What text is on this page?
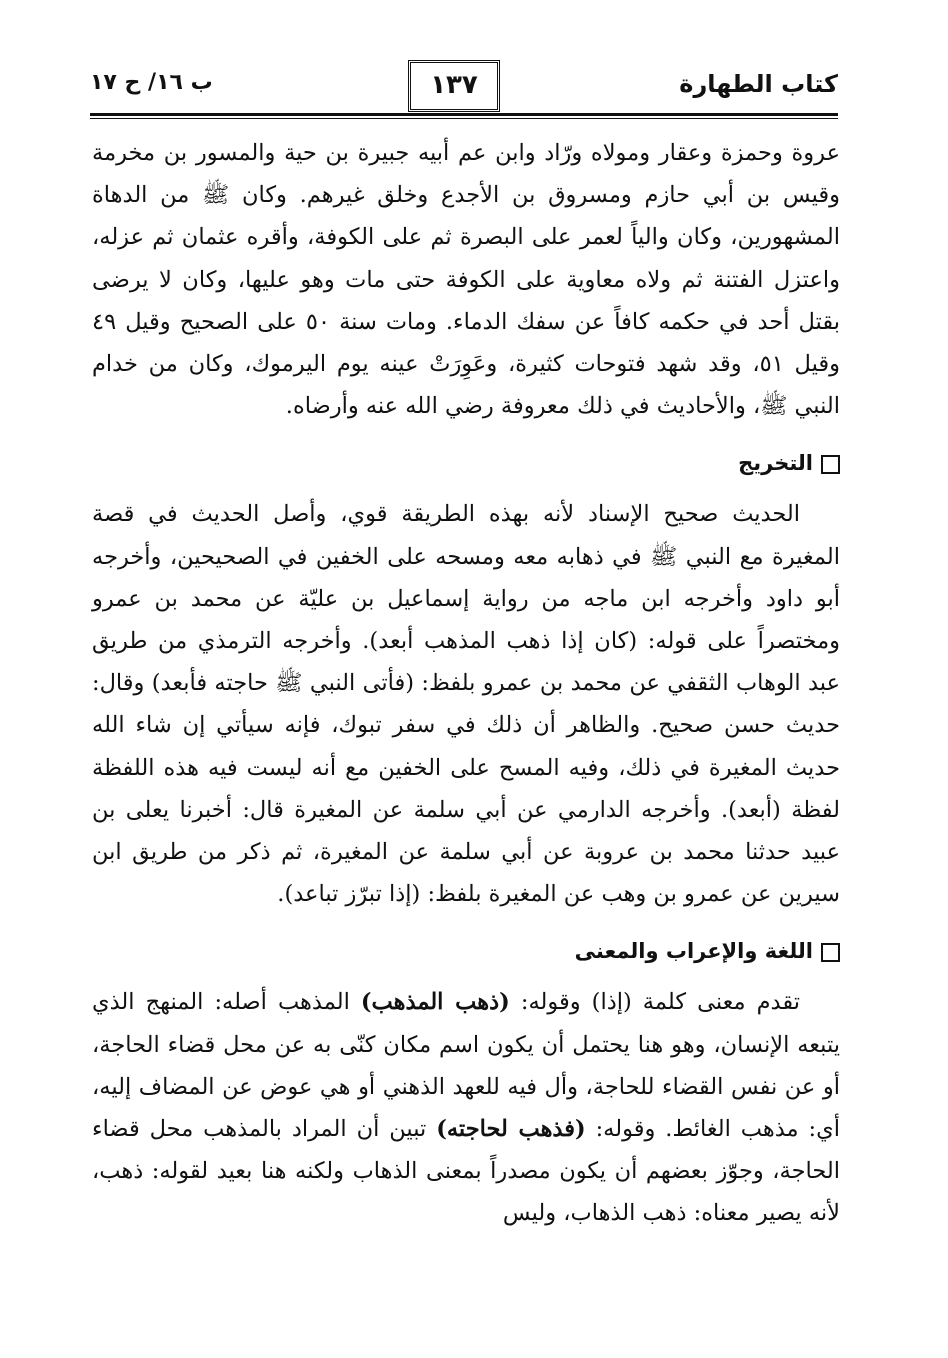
كتاب الطهارة
١٣٧
ب ١٦/ ح ١٧

عروة وحمزة وعقار ومولاه ورّاد وابن عم أبيه جبيرة بن حية والمسور بن مخرمة وقيس بن أبي حازم ومسروق بن الأجدع وخلق غيرهم. وكان ﷺ من الدهاة المشهورين، وكان والياً لعمر على البصرة ثم على الكوفة، وأقره عثمان ثم عزله، واعتزل الفتنة ثم ولاه معاوية على الكوفة حتى مات وهو عليها، وكان لا يرضى بقتل أحد في حكمه كافاً عن سفك الدماء. ومات سنة ٥٠ على الصحيح وقيل ٤٩ وقيل ٥١، وقد شهد فتوحات كثيرة، وعَوِرَتْ عينه يوم اليرموك، وكان من خدام النبي ﷺ، والأحاديث في ذلك معروفة رضي الله عنه وأرضاه.

التخريج

الحديث صحيح الإسناد لأنه بهذه الطريقة قوي، وأصل الحديث في قصة المغيرة مع النبي ﷺ في ذهابه معه ومسحه على الخفين في الصحيحين، وأخرجه أبو داود وأخرجه ابن ماجه من رواية إسماعيل بن عليّة عن محمد بن عمرو ومختصراً على قوله: (كان إذا ذهب المذهب أبعد). وأخرجه الترمذي من طريق عبد الوهاب الثقفي عن محمد بن عمرو بلفظ: (فأتى النبي ﷺ حاجته فأبعد) وقال: حديث حسن صحيح. والظاهر أن ذلك في سفر تبوك، فإنه سيأتي إن شاء الله حديث المغيرة في ذلك، وفيه المسح على الخفين مع أنه ليست فيه هذه اللفظة لفظة (أبعد). وأخرجه الدارمي عن أبي سلمة عن المغيرة قال: أخبرنا يعلى بن عبيد حدثنا محمد بن عروبة عن أبي سلمة عن المغيرة، ثم ذكر من طريق ابن سيرين عن عمرو بن وهب عن المغيرة بلفظ: (إذا تبرّز تباعد).

اللغة والإعراب والمعنى

تقدم معنى كلمة (إذا) وقوله: (ذهب المذهب) المذهب أصله: المنهج الذي يتبعه الإنسان، وهو هنا يحتمل أن يكون اسم مكان كنّى به عن محل قضاء الحاجة، أو عن نفس القضاء للحاجة، وأل فيه للعهد الذهني أو هي عوض عن المضاف إليه، أي: مذهب الغائط. وقوله: (فذهب لحاجته) تبين أن المراد بالمذهب محل قضاء الحاجة، وجوّز بعضهم أن يكون مصدراً بمعنى الذهاب ولكنه هنا بعيد لقوله: ذهب، لأنه يصير معناه: ذهب الذهاب، وليس
